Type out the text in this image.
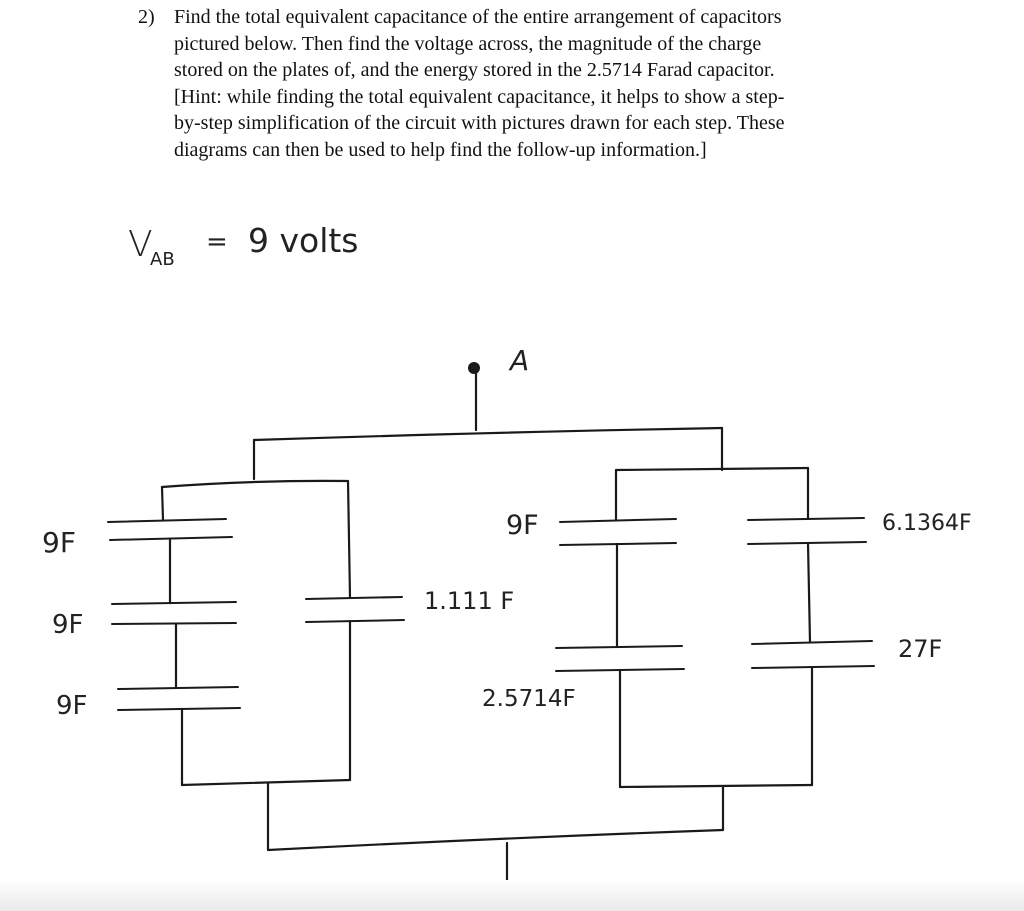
2) Find the total equivalent capacitance of the entire arrangement of capacitors
pictured below. Then find the voltage across, the magnitude of the charge
stored on the plates of, and the energy stored in the 2.5714 Farad capacitor.
[Hint: while finding the total equivalent capacitance, it helps to show a step-
by-step simplification of the circuit with pictures drawn for each step. These
diagrams can then be used to help find the follow-up information.]
V
AB
= 9 volts
A
9F
9F
9F
1.111 F
9F
2.5714F
6.1364F
27F
